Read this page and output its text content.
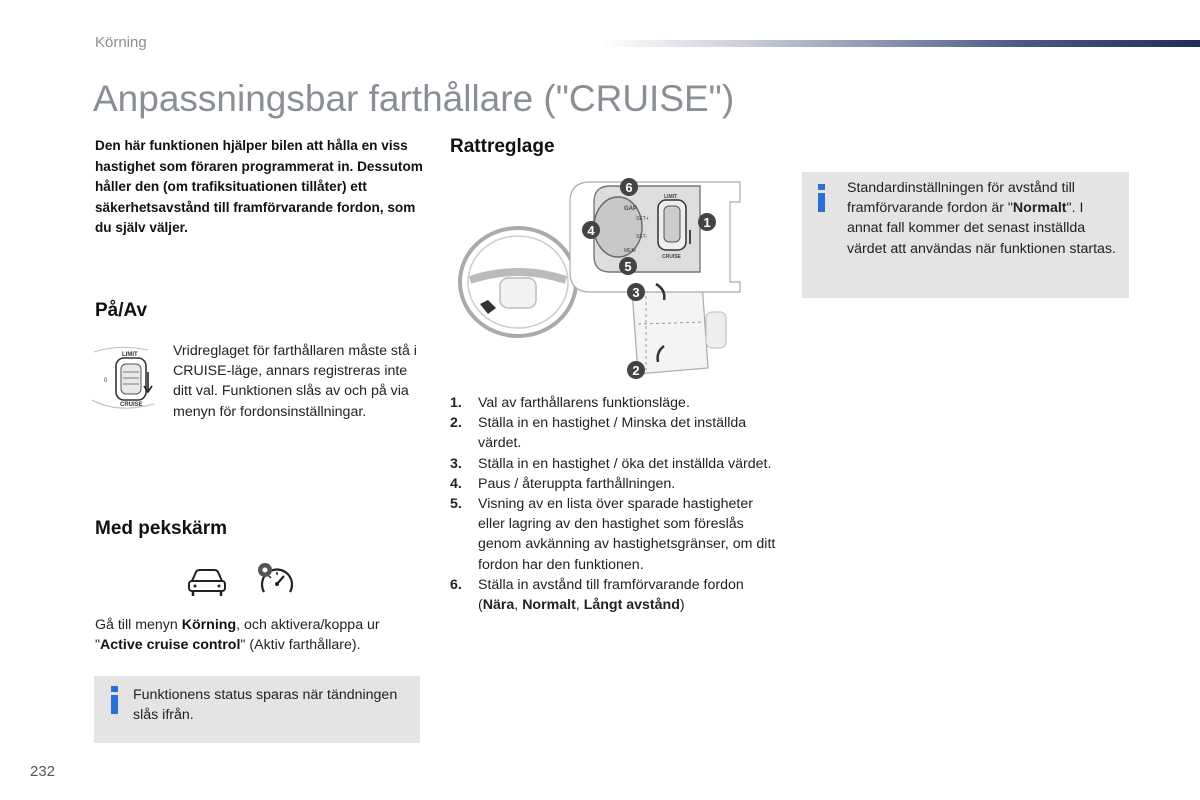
Körning
Anpassningsbar farthållare ("CRUISE")
Den här funktionen hjälper bilen att hålla en viss hastighet som föraren programmerat in. Dessutom håller den (om trafiksituationen tillåter) ett säkerhetsavstånd till framförvarande fordon, som du själv väljer.
På/Av
LIMIT
0
CRUISE
Vridreglaget för farthållaren måste stå i CRUISE-läge, annars registreras inte ditt val. Funktionen slås av och på via menyn för fordonsinställningar.
Med pekskärm
Gå till menyn Körning, och aktivera/koppa ur "Active cruise control" (Aktiv farthållare).
Funktionens status sparas när tändningen slås ifrån.
Rattreglage
GAP
SET+
SET-
LIMIT
CRUISE
MEM
6
1
4
5
3
2
1.	Val av farthållarens funktionsläge.
2.	Ställa in en hastighet / Minska det inställda värdet.
3.	Ställa in en hastighet / öka det inställda värdet.
4.	Paus / återuppta farthållningen.
5.	Visning av en lista över sparade hastigheter eller lagring av den hastighet som föreslås genom avkänning av hastighetsgränser, om ditt fordon har den funktionen.
6.	Ställa in avstånd till framförvarande fordon
(Nära, Normalt, Långt avstånd)
Standardinställningen för avstånd till framförvarande fordon är "Normalt". I annat fall kommer det senast inställda värdet att användas när funktionen startas.
232
